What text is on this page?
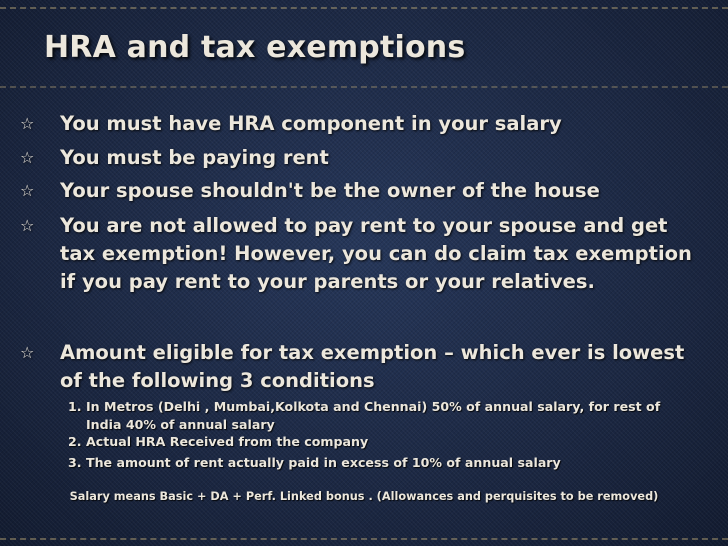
HRA and tax exemptions
☆	You must have HRA component in your salary
☆	You must be paying rent
☆	Your spouse shouldn't be the owner of the house
☆	You are not allowed to pay rent to your spouse and get tax exemption! However, you can do claim tax exemption if you pay rent to your parents or your relatives.
☆	Amount eligible for tax exemption – which ever is lowest of the following 3 conditions
1. In Metros (Delhi , Mumbai,Kolkota and Chennai) 50% of annual salary, for rest of India 40% of annual salary
2. Actual HRA Received from the company
3. The amount of rent actually paid in excess of 10% of annual salary
Salary means Basic + DA + Perf. Linked bonus . (Allowances and perquisites to be removed)
